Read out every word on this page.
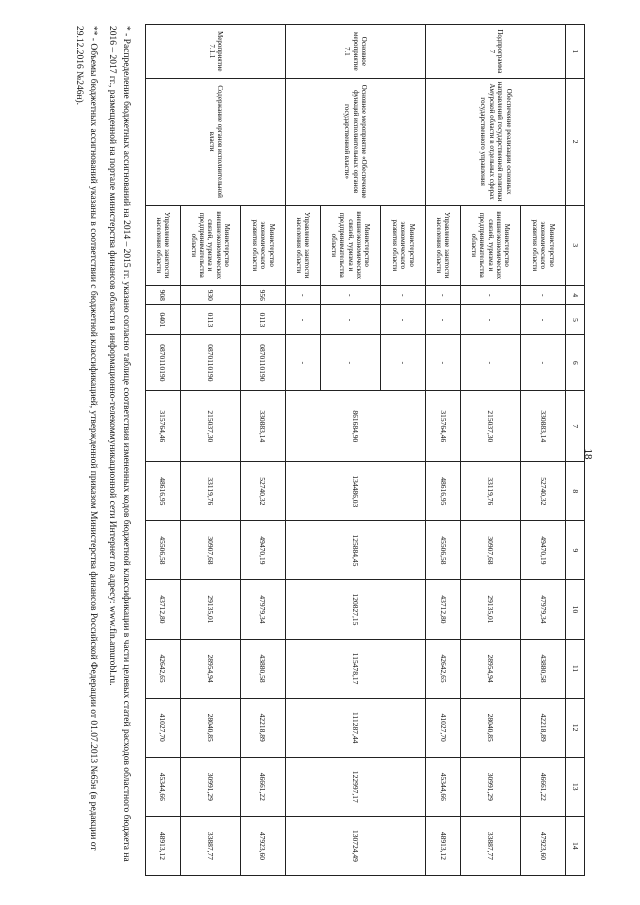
18
1	2	3	4	5	6	7	8	9	10	11	12	13	14
Подпрограмма 7	Обеспечение реализации основных направлений государственной политики Амурской области в отдельных сферах государственного управления	Министерство экономического развития области	-	-	-	330883,14	52740,32	49470,19	47979,34	43880,58	42218,89	46661,22	47923,60
		Министерство внешнеэкономических связей, туризма и предпринимательства области	-	-	-	215037,30	33119,76	30907,68	29135,01	28954,94	28040,85	30991,29	33887,77
		Управление занятости населения области	-	-	-	315764,46	48616,95	45506,58	43712,80	42642,65	41027,70	45344,66	48913,12
Основное мероприятие 7.1	Основное мероприятие «Обеспечение функций исполнительных органов государственной власти»	Министерство экономического развития области	-	-	-	861684,90	134486,03	125884,45	120827,15	115478,17	111287,44	122997,17	130724,49
		Министерство внешнеэкономических связей, туризма и предпринимательства области	-	-	-								
		Управление занятости населения области	-	-	-								
Мероприятие 7.1.1	Содержание органов исполнительной власти	Министерство экономического развития области	956	0113	0870110190	330883,14	52740,32	49470,19	47979,34	43880,58	42218,89	46661,22	47923,60
		Министерство внешнеэкономических связей, туризма и предпринимательства области	930	0113	0870110190	215037,30	33119,76	30907,68	29135,01	28954,94	28040,85	30991,29	33887,77
		Управление занятости населения области	908	0401	0870110190	315764,46	48616,95	45506,58	43712,80	42642,65	41027,70	45344,66	48913,12

* - Распределение бюджетных ассигнований на 2014 – 2015 гг. указано согласно таблице соответствия измененных кодов бюджетной классификации в части целевых статей расходов областного бюджета на 2016 – 2017 гг., размещенной на портале министерства финансов области в информационно-телекоммуникационной сети Интернет по адресу: www.fin.amurobl.ru.

** - Объемы бюджетных ассигнований указаны в соответствии с бюджетной классификацией, утвержденной приказом Министерства финансов Российской Федерации от 01.07.2013 №65н (в редакции от 29.12.2016 №246н).
